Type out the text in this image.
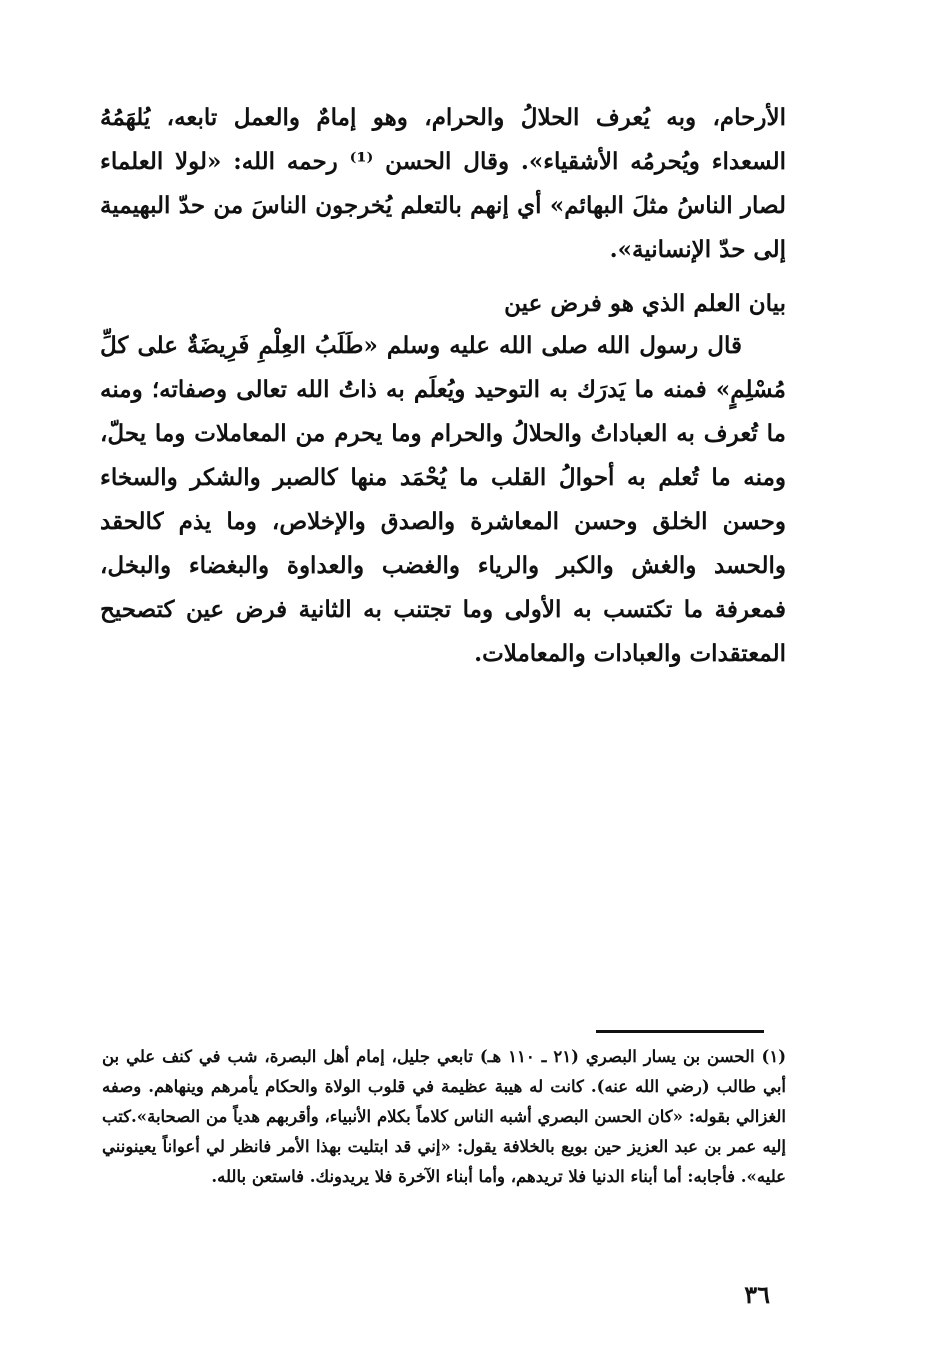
الأرحام، وبه يُعرف الحلالُ والحرام، وهو إمامٌ والعمل تابعه، يُلهَمُهُ السعداء ويُحرمُه الأشقياء». وقال الحسن ⁽¹⁾ رحمه الله: «لولا العلماء لصار الناسُ مثلَ البهائم» أي إنهم بالتعلم يُخرجون الناسَ من حدّ البهيمية إلى حدّ الإنسانية».

بيان العلم الذي هو فرض عين

قال رسول الله صلى الله عليه وسلم «طَلَبُ العِلْمِ فَرِيضَةٌ على كلِّ مُسْلِمٍ» فمنه ما يَدرَك به التوحيد ويُعلَم به ذاتُ الله تعالى وصفاته؛ ومنه ما تُعرف به العباداتُ والحلالُ والحرام وما يحرم من المعاملات وما يحلّ، ومنه ما تُعلم به أحوالُ القلب ما يُحْمَد منها كالصبر والشكر والسخاء وحسن الخلق وحسن المعاشرة والصدق والإخلاص، وما يذم كالحقد والحسد والغش والكبر والرياء والغضب والعداوة والبغضاء والبخل، فمعرفة ما تكتسب به الأولى وما تجتنب به الثانية فرض عين كتصحيح المعتقدات والعبادات والمعاملات.

(١) الحسن بن يسار البصري (٢١ ـ ١١٠ هـ) تابعي جليل، إمام أهل البصرة، شب في كنف علي بن أبي طالب (رضي الله عنه). كانت له هيبة عظيمة في قلوب الولاة والحكام يأمرهم وينهاهم. وصفه الغزالي بقوله: «كان الحسن البصري أشبه الناس كلاماً بكلام الأنبياء، وأقربهم هدياً من الصحابة».كتب إليه عمر بن عبد العزيز حين بويع بالخلافة يقول: «إني قد ابتليت بهذا الأمر فانظر لي أعواناً يعينونني عليه». فأجابه: أما أبناء الدنيا فلا تريدهم، وأما أبناء الآخرة فلا يريدونك. فاستعن بالله.

٣٦
